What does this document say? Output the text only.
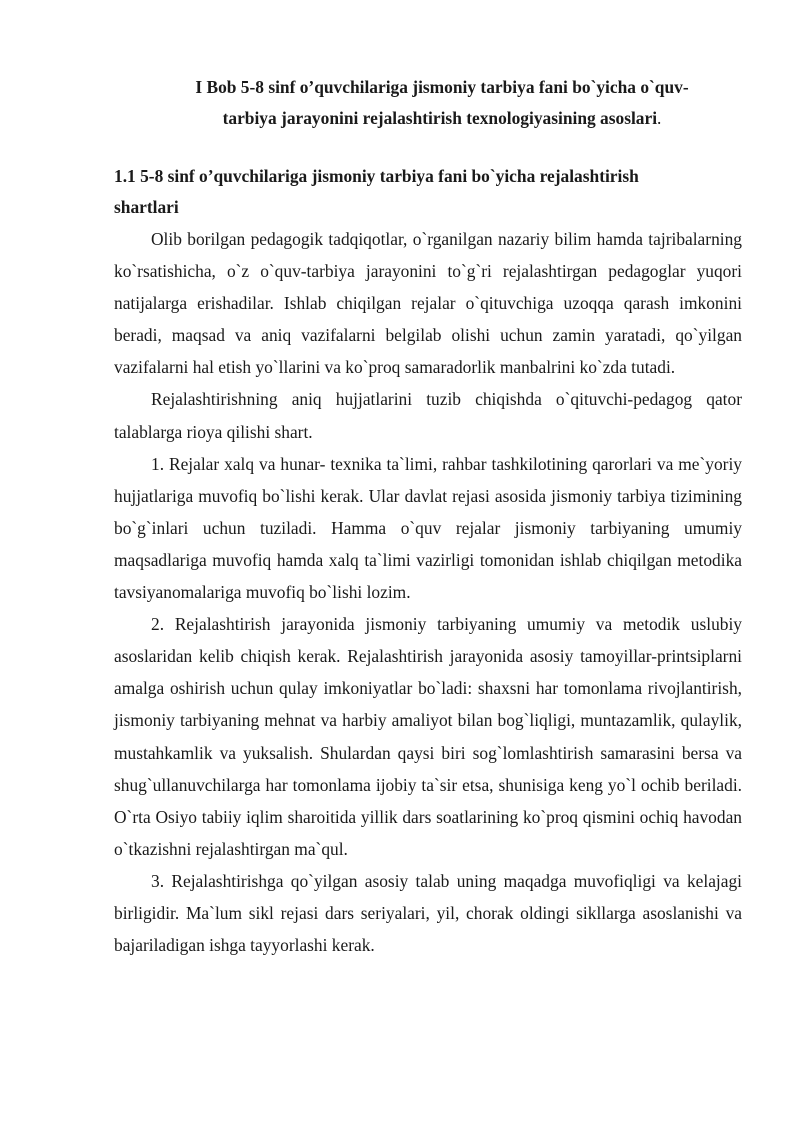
I Bob 5-8 sinf o’quvchilariga jismoniy tarbiya fani bo`yicha o`quv-
tarbiya jarayonini rejalashtirish texnologiyasining asoslari.
1.1 5-8 sinf o’quvchilariga jismoniy tarbiya fani bo`yicha rejalashtirish shartlari

Olib borilgan pedagogik tadqiqotlar, o`rganilgan nazariy bilim hamda tajribalarning ko`rsatishicha, o`z o`quv-tarbiya jarayonini to`g`ri rejalashtirgan pedagoglar yuqori natijalarga erishadilar. Ishlab chiqilgan rejalar o`qituvchiga uzoqqa qarash imkonini beradi, maqsad va aniq vazifalarni belgilab olishi uchun zamin yaratadi, qo`yilgan vazifalarni hal etish yo`llarini va ko`proq samaradorlik manbalrini ko`zda tutadi.

Rejalashtirishning aniq hujjatlarini tuzib chiqishda o`qituvchi-pedagog qator talablarga rioya qilishi shart.

1. Rejalar xalq va hunar- texnika ta`limi, rahbar tashkilotining qarorlari va me`yoriy hujjatlariga muvofiq bo`lishi kerak. Ular davlat rejasi asosida jismoniy tarbiya tizimining bo`g`inlari uchun tuziladi. Hamma o`quv rejalar jismoniy tarbiyaning umumiy maqsadlariga muvofiq hamda xalq ta`limi vazirligi tomonidan ishlab chiqilgan metodika tavsiyanomalariga muvofiq bo`lishi lozim.

2. Rejalashtirish jarayonida jismoniy tarbiyaning umumiy va metodik uslubiy asoslaridan kelib chiqish kerak. Rejalashtirish jarayonida asosiy tamoyillar-printsiplarni amalga oshirish uchun qulay imkoniyatlar bo`ladi: shaxsni har tomonlama rivojlantirish, jismoniy tarbiyaning mehnat va harbiy amaliyot bilan bog`liqligi, muntazamlik, qulaylik, mustahkamlik va yuksalish. Shulardan qaysi biri sog`lomlashtirish samarasini bersa va shug`ullanuvchilarga har tomonlama ijobiy ta`sir etsa, shunisiga keng yo`l ochib beriladi. O`rta Osiyo tabiiy iqlim sharoitida yillik dars soatlarining ko`proq qismini ochiq havodan o`tkazishni rejalashtirgan ma`qul.

3. Rejalashtirishga qo`yilgan asosiy talab uning maqadga muvofiqligi va kelajagi birligidir. Ma`lum sikl rejasi dars seriyalari, yil, chorak oldingi sikllarga asoslanishi va bajariladigan ishga tayyorlashi kerak.
